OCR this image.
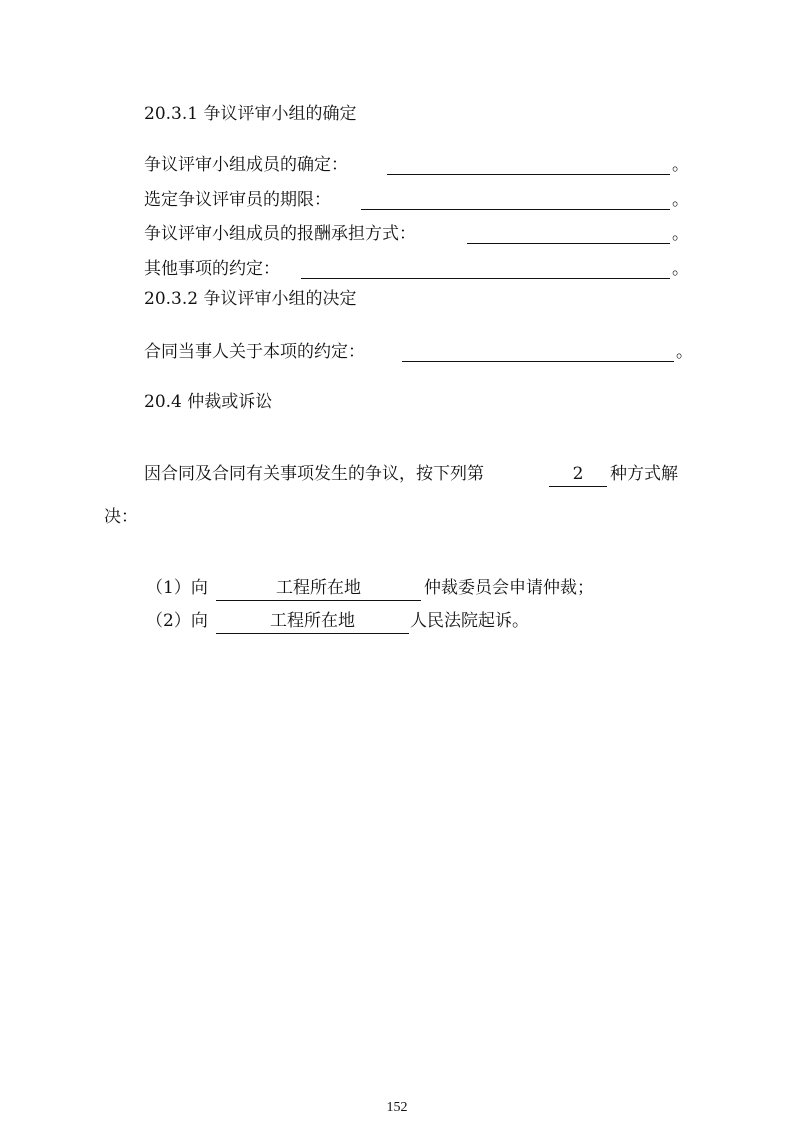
20.3.1 争议评审小组的确定
争议评审小组成员的确定：	。
选定争议评审员的期限：	。
争议评审小组成员的报酬承担方式：	。
其他事项的约定：	。
20.3.2 争议评审小组的决定
合同当事人关于本项的约定：	。
20.4 仲裁或诉讼
因合同及合同有关事项发生的争议，按下列第	2	种方式解
决：
（1）向	工程所在地	仲裁委员会申请仲裁；
（2）向	工程所在地	人民法院起诉。
152
